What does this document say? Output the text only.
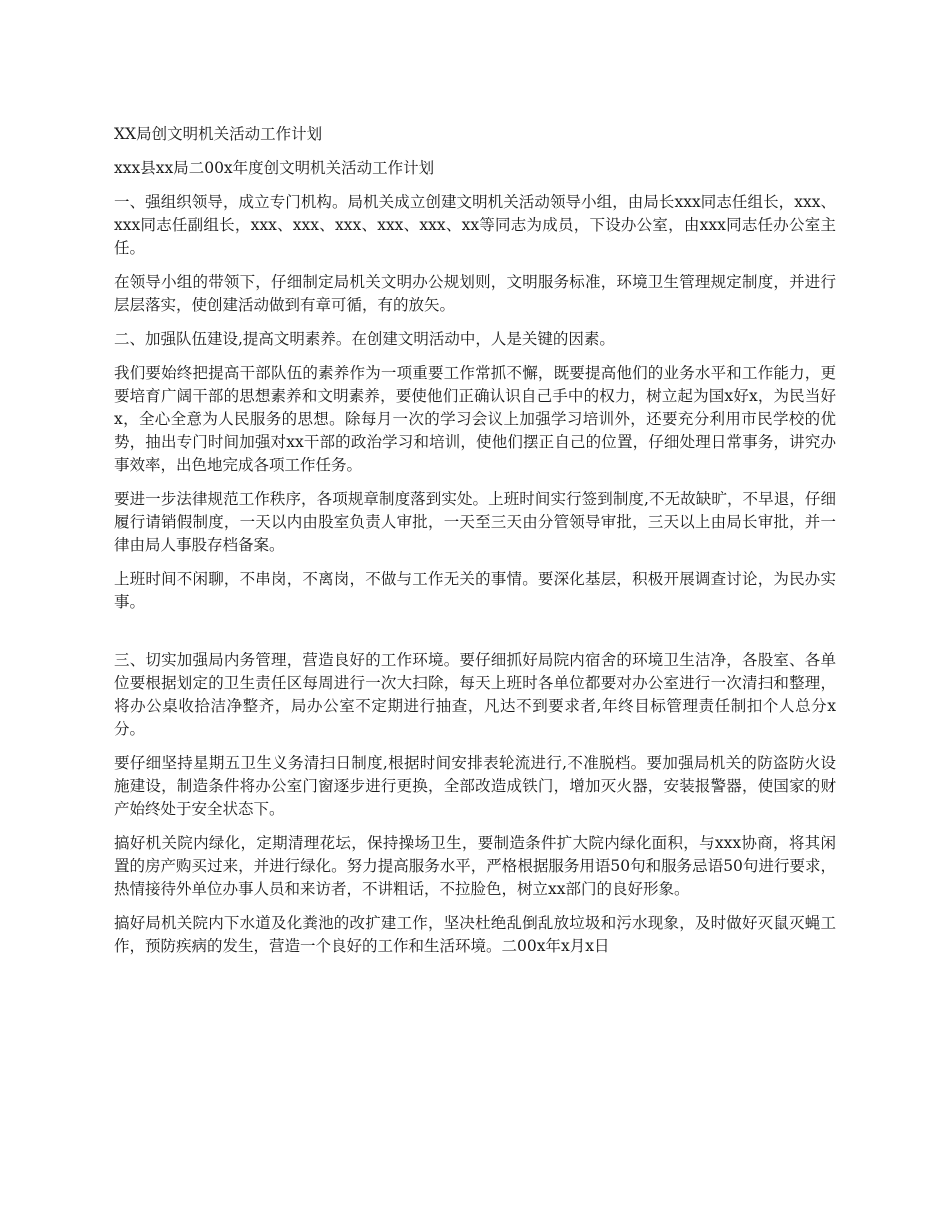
XX局创文明机关活动工作计划

xxx县xx局二00x年度创文明机关活动工作计划

一、强组织领导，成立专门机构。局机关成立创建文明机关活动领导小组，由局长xxx同志任组长，xxx、xxx同志任副组长，xxx、xxx、xxx、xxx、xxx、xx等同志为成员，下设办公室，由xxx同志任办公室主任。

在领导小组的带领下，仔细制定局机关文明办公规划则，文明服务标准，环境卫生管理规定制度，并进行层层落实，使创建活动做到有章可循，有的放矢。

二、加强队伍建设,提高文明素养。在创建文明活动中，人是关键的因素。

我们要始终把提高干部队伍的素养作为一项重要工作常抓不懈，既要提高他们的业务水平和工作能力，更要培育广阔干部的思想素养和文明素养，要使他们正确认识自己手中的权力，树立起为国x好x，为民当好x，全心全意为人民服务的思想。除每月一次的学习会议上加强学习培训外，还要充分利用市民学校的优势，抽出专门时间加强对xx干部的政治学习和培训，使他们摆正自己的位置，仔细处理日常事务，讲究办事效率，出色地完成各项工作任务。

要进一步法律规范工作秩序，各项规章制度落到实处。上班时间实行签到制度,不无故缺旷，不早退，仔细履行请销假制度，一天以内由股室负责人审批，一天至三天由分管领导审批，三天以上由局长审批，并一律由局人事股存档备案。

上班时间不闲聊，不串岗，不离岗，不做与工作无关的事情。要深化基层，积极开展调查讨论，为民办实事。

三、切实加强局内务管理，营造良好的工作环境。要仔细抓好局院内宿舍的环境卫生洁净，各股室、各单位要根据划定的卫生责任区每周进行一次大扫除，每天上班时各单位都要对办公室进行一次清扫和整理，将办公桌收拾洁净整齐，局办公室不定期进行抽查，凡达不到要求者,年终目标管理责任制扣个人总分x分。

要仔细坚持星期五卫生义务清扫日制度,根据时间安排表轮流进行,不准脱档。要加强局机关的防盗防火设施建设，制造条件将办公室门窗逐步进行更换，全部改造成铁门，增加灭火器，安装报警器，使国家的财产始终处于安全状态下。

搞好机关院内绿化，定期清理花坛，保持操场卫生，要制造条件扩大院内绿化面积，与xxx协商，将其闲置的房产购买过来，并进行绿化。努力提高服务水平，严格根据服务用语50句和服务忌语50句进行要求，热情接待外单位办事人员和来访者，不讲粗话，不拉脸色，树立xx部门的良好形象。

搞好局机关院内下水道及化粪池的改扩建工作，坚决杜绝乱倒乱放垃圾和污水现象，及时做好灭鼠灭蝇工作，预防疾病的发生，营造一个良好的工作和生活环境。二00x年x月x日
